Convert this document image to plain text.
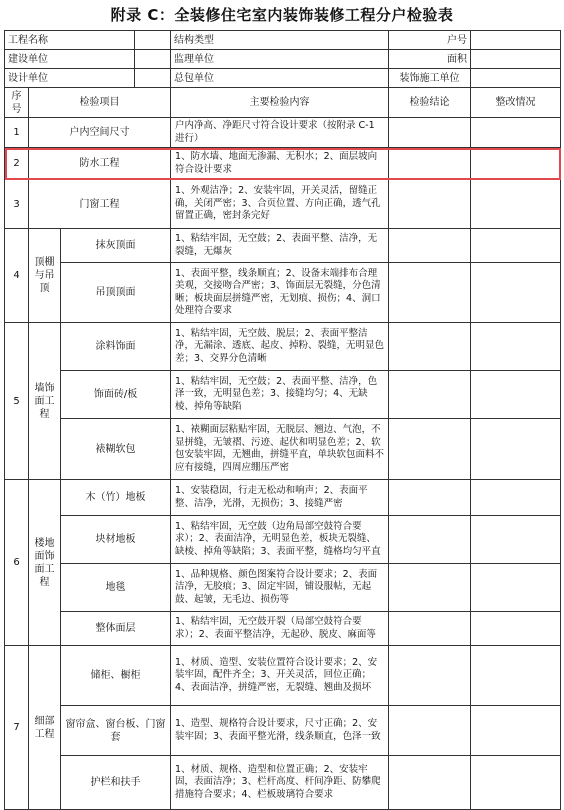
附录 C：全装修住宅室内装饰装修工程分户检验表
工程名称				结构类型	户号	
建设单位				监理单位	面积	
设计单位				总包单位	装饰施工单位	
序号	检验项目			主要检验内容	检验结论	整改情况
1	户内空间尺寸			户内净高、净距尺寸符合设计要求（按附录 C-1 进行）		
2	防水工程			1、防水墙、地面无渗漏、无积水；2、面层坡向符合设计要求		
3	门窗工程			1、外观洁净；2、安装牢固，开关灵活，留缝正确，关闭严密；3、合页位置、方向正确，透气孔留置正确，密封条完好		
4	顶棚与吊顶	抹灰顶面		1、粘结牢固，无空鼓；2、表面平整、洁净，无裂缝，无爆灰		
		吊顶顶面		1、表面平整，线条顺直；2、设备末端排布合理美观，交接吻合严密；3、饰面层无裂缝，分色清晰；板块面层拼缝严密，无划痕、损伤；4、洞口处理符合要求		
5	墙饰面工程	涂料饰面		1、粘结牢固，无空鼓、脱层；2、表面平整洁净，无漏涂、透底、起皮、掉粉、裂缝，无明显色差；3、交界分色清晰		
		饰面砖/板		1、粘结牢固，无空鼓；2、表面平整、洁净，色泽一致，无明显色差；3、接缝均匀；4、无缺棱、掉角等缺陷		
		裱糊软包		1、裱糊面层粘贴牢固，无脱层、翘边、气泡，不显拼缝，无皱褶、污迹、起伏和明显色差；2、软包安装牢固，无翘曲，拼缝平直，单块软包面料不应有接缝，四周应绷压严密		
6	楼地面饰面工程	木（竹）地板		1、安装稳固，行走无松动和响声；2、表面平整、洁净，光滑，无损伤；3、接缝严密		
		块材地板		1、粘结牢固，无空鼓（边角局部空鼓符合要求）；2、表面洁净，无明显色差，板块无裂缝、缺棱、掉角等缺陷；3、表面平整，缝格均匀平直		
		地毯		1、品种规格、颜色图案符合设计要求；2、表面洁净，无胶痕；3、固定牢固，铺设服帖，无起鼓、起皱，无毛边、损伤等		
		整体面层		1、粘结牢固，无空鼓开裂（局部空鼓符合要求）；2、表面平整洁净，无起砂、脱皮、麻面等		
7	细部工程	储柜、橱柜		1、材质、造型、安装位置符合设计要求；2、安装牢固，配件齐全；3、开关灵活，回位正确；4、表面洁净，拼缝严密，无裂缝、翘曲及损坏		
		窗帘盒、窗台板、门窗套		1、造型、规格符合设计要求，尺寸正确；2、安装牢固；3、表面平整光滑，线条顺直，色泽一致		
		护栏和扶手		1、材质、规格、造型和位置正确；2、安装牢固，表面洁净；3、栏杆高度、杆间净距、防攀爬措施符合要求；4、栏板玻璃符合要求		
